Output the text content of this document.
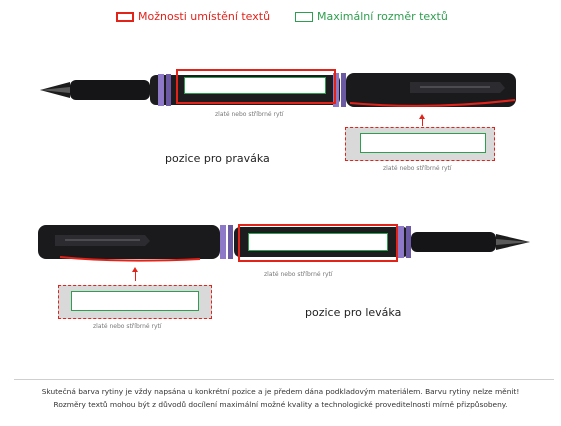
Možnosti umístění textů	Maximální rozměr textů
zlaté nebo stříbrné rytí
zlaté nebo stříbrné rytí
pozice pro praváka
zlaté nebo stříbrné rytí
zlaté nebo stříbrné rytí
pozice pro leváka
Skutečná barva rytiny je vždy napsána u konkrétní pozice a je předem dána podkladovým materiálem. Barvu rytiny nelze měnit!
Rozměry textů mohou být z důvodů docílení maximální možné kvality a technologické proveditelnosti mírně přizpůsobeny.
